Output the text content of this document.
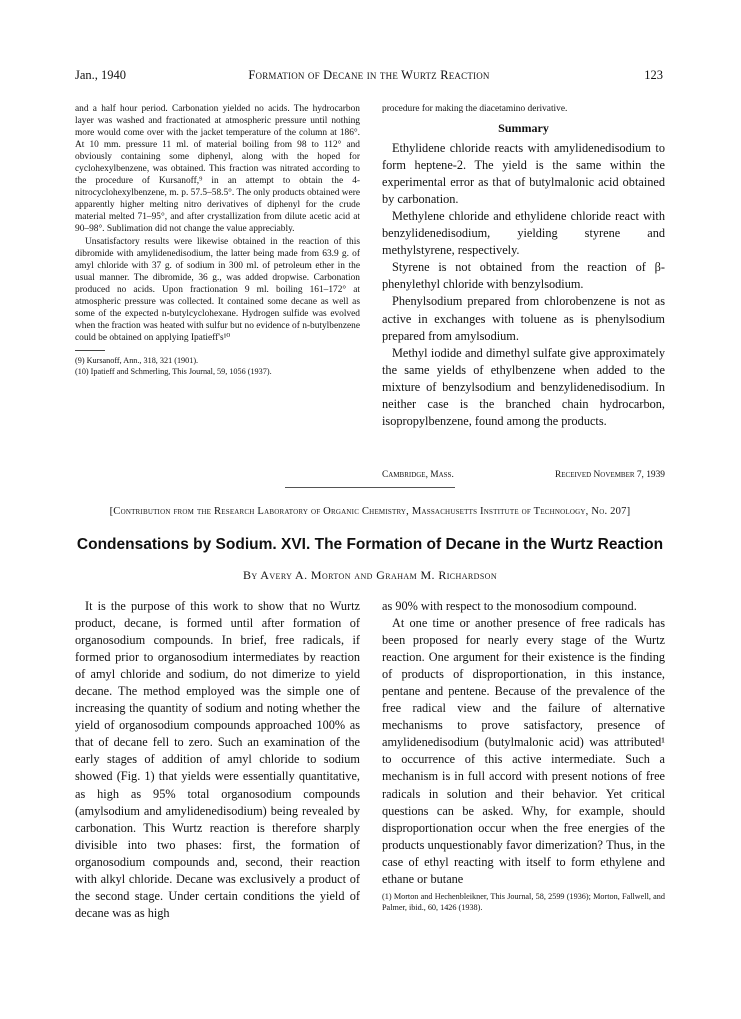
Jan., 1940	Formation of Decane in the Wurtz Reaction	123

and a half hour period. Carbonation yielded no acids. The hydrocarbon layer was washed and fractionated at atmospheric pressure until nothing more would come over with the jacket temperature of the column at 186°. At 10 mm. pressure 11 ml. of material boiling from 98 to 112° and obviously containing some diphenyl, along with the hoped for cyclohexylbenzene, was obtained. This fraction was nitrated according to the procedure of Kursanoff,⁹ in an attempt to obtain the 4-nitrocyclohexylbenzene, m. p. 57.5–58.5°. The only products obtained were apparently higher melting nitro derivatives of diphenyl for the crude material melted 71–95°, and after crystallization from dilute acetic acid at 90–98°. Sublimation did not change the value appreciably.

Unsatisfactory results were likewise obtained in the reaction of this dibromide with amylidenedisodium, the latter being made from 63.9 g. of amyl chloride with 37 g. of sodium in 300 ml. of petroleum ether in the usual manner. The dibromide, 36 g., was added dropwise. Carbonation produced no acids. Upon fractionation 9 ml. boiling 161–172° at atmospheric pressure was collected. It contained some decane as well as some of the expected n-butylcyclohexane. Hydrogen sulfide was evolved when the fraction was heated with sulfur but no evidence of n-butylbenzene could be obtained on applying Ipatieff's¹⁰

(9) Kursanoff, Ann., 318, 321 (1901).
(10) Ipatieff and Schmerling, This Journal, 59, 1056 (1937).

procedure for making the diacetamino derivative.

Summary

Ethylidene chloride reacts with amylidenedisodium to form heptene-2. The yield is the same within the experimental error as that of butylmalonic acid obtained by carbonation.

Methylene chloride and ethylidene chloride react with benzylidenedisodium, yielding styrene and methylstyrene, respectively.

Styrene is not obtained from the reaction of β-phenylethyl chloride with benzylsodium.

Phenylsodium prepared from chlorobenzene is not as active in exchanges with toluene as is phenylsodium prepared from amylsodium.

Methyl iodide and dimethyl sulfate give approximately the same yields of ethylbenzene when added to the mixture of benzylsodium and benzylidenedisodium. In neither case is the branched chain hydrocarbon, isopropylbenzene, found among the products.

Cambridge, Mass.	Received November 7, 1939
[Contribution from the Research Laboratory of Organic Chemistry, Massachusetts Institute of Technology, No. 207]
Condensations by Sodium. XVI. The Formation of Decane in the Wurtz Reaction
By Avery A. Morton and Graham M. Richardson

It is the purpose of this work to show that no Wurtz product, decane, is formed until after formation of organosodium compounds. In brief, free radicals, if formed prior to organosodium intermediates by reaction of amyl chloride and sodium, do not dimerize to yield decane. The method employed was the simple one of increasing the quantity of sodium and noting whether the yield of organosodium compounds approached 100% as that of decane fell to zero. Such an examination of the early stages of addition of amyl chloride to sodium showed (Fig. 1) that yields were essentially quantitative, as high as 95% total organosodium compounds (amylsodium and amylidenedisodium) being revealed by carbonation. This Wurtz reaction is therefore sharply divisible into two phases: first, the formation of organosodium compounds and, second, their reaction with alkyl chloride. Decane was exclusively a product of the second stage. Under certain conditions the yield of decane was as high

as 90% with respect to the monosodium compound.

At one time or another presence of free radicals has been proposed for nearly every stage of the Wurtz reaction. One argument for their existence is the finding of products of disproportionation, in this instance, pentane and pentene. Because of the prevalence of the free radical view and the failure of alternative mechanisms to prove satisfactory, presence of amylidenedisodium (butylmalonic acid) was attributed¹ to occurrence of this active intermediate. Such a mechanism is in full accord with present notions of free radicals in solution and their behavior. Yet critical questions can be asked. Why, for example, should disproportionation occur when the free energies of the products unquestionably favor dimerization? Thus, in the case of ethyl reacting with itself to form ethylene and ethane or butane

(1) Morton and Hechenbleikner, This Journal, 58, 2599 (1936); Morton, Fallwell, and Palmer, ibid., 60, 1426 (1938).
